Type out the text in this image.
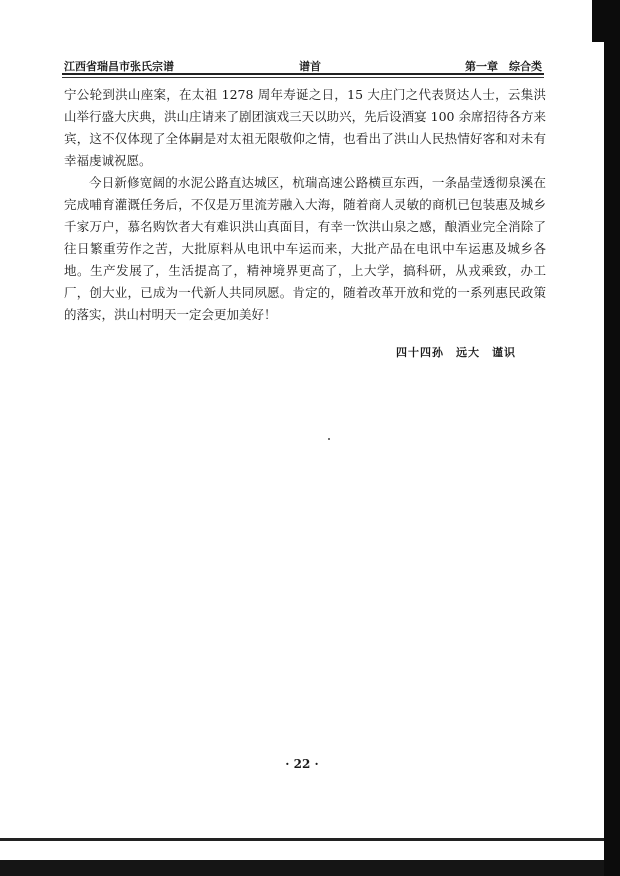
江西省瑞昌市张氏宗谱	谱首	第一章　综合类

宁公轮到洪山座案，在太祖 1278 周年寿诞之日，15 大庄门之代表贤达人士，云集洪山举行盛大庆典，洪山庄请来了剧团演戏三天以助兴，先后设酒宴 100 余席招待各方来宾，这不仅体现了全体嗣是对太祖无限敬仰之情，也看出了洪山人民热情好客和对未有幸福虔诚祝愿。

今日新修宽阔的水泥公路直达城区，杭瑞高速公路横亘东西，一条晶莹透彻泉溪在完成哺育灌溉任务后，不仅是万里流芳融入大海，随着商人灵敏的商机已包装惠及城乡千家万户，慕名购饮者大有难识洪山真面目，有幸一饮洪山泉之感，酿酒业完全消除了往日繁重劳作之苦，大批原料从电讯中车运而来，大批产品在电讯中车运惠及城乡各地。生产发展了，生活提高了，精神境界更高了，上大学，搞科研，从戎乘致，办工厂，创大业，已成为一代新人共同夙愿。肯定的，随着改革开放和党的一系列惠民政策的落实，洪山村明天一定会更加美好！

四十四孙　远大　谨识
· 22 ·
